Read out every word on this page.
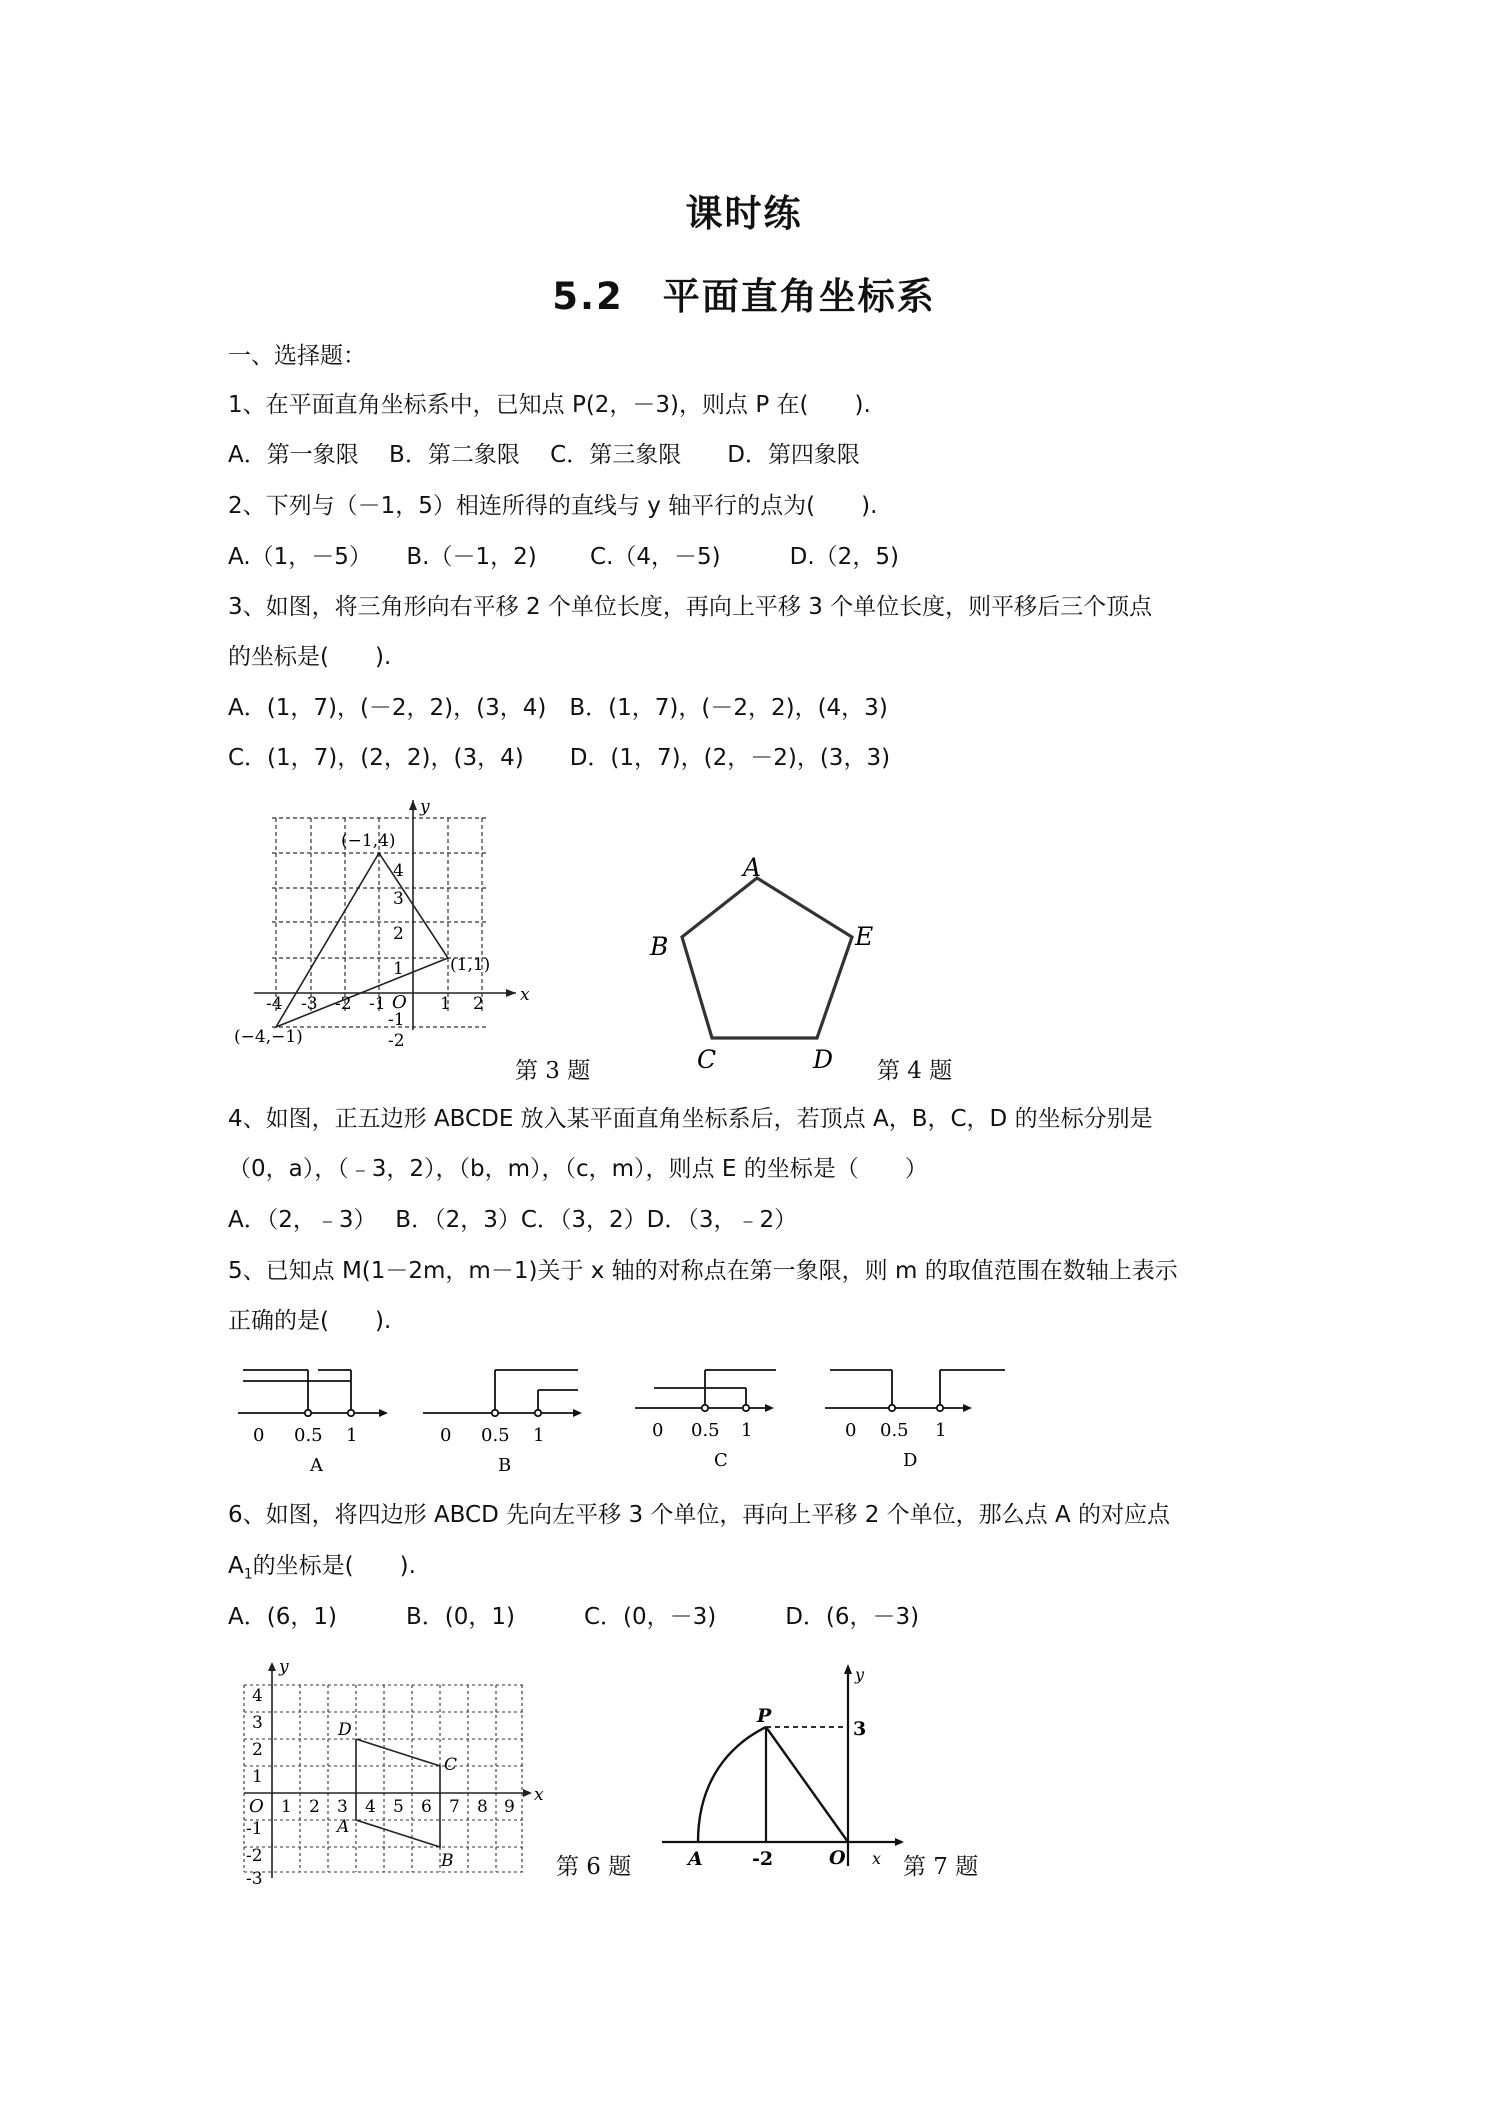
课时练
5.2　平面直角坐标系
一、选择题：
1、在平面直角坐标系中，已知点 P(2，－3)，则点 P 在(　　).
A．第一象限　 B．第二象限　 C．第三象限　　D．第四象限
2、下列与（－1，5）相连所得的直线与 y 轴平行的点为(　　).
A.（1，－5）　　B.（－1，2)　　 C.（4，－5)　　　D.（2，5)
3、如图，将三角形向右平移 2 个单位长度，再向上平移 3 个单位长度，则平移后三个顶点
的坐标是(　　).
A．(1，7)，(－2，2)，(3，4)　B．(1，7)，(－2，2)，(4，3)
C．(1，7)，(2，2)，(3，4)　　D．(1，7)，(2，－2)，(3，3)
x
y
O
-4 -3 -2 -1	1 2
4
3
2
1
-1
-2
(−1,4)
(1,1)
(−4,−1)
第 3 题
A
B
C	D
E
第 4 题
4、如图，正五边形 ABCDE 放入某平面直角坐标系后，若顶点 A，B，C，D 的坐标分别是
（0，a），（﹣3，2），（b，m），（c，m），则点 E 的坐标是（　　）
A．（2，﹣3）　 B．（2，3）C．（3，2）D．（3，﹣2）
5、已知点 M(1－2m，m－1)关于 x 轴的对称点在第一象限，则 m 的取值范围在数轴上表示
正确的是(　　).
0 0.5 1
A
0 0.5 1
B
0 0.5 1
C
0 0.5 1
D
6、如图，将四边形 ABCD 先向左平移 3 个单位，再向上平移 2 个单位，那么点 A 的对应点
$A_1$的坐标是(　　).
A．(6，1)　　　B．(0，1)　　　C．(0，－3)　　　D．(6，－3)
x
y
O 1 2 3 4 5 6 7 8 9
4
3
2
1
-1
-2
-3
A
B
C
D
第 6 题
P
A	-2
3
O x
y
第 7 题
